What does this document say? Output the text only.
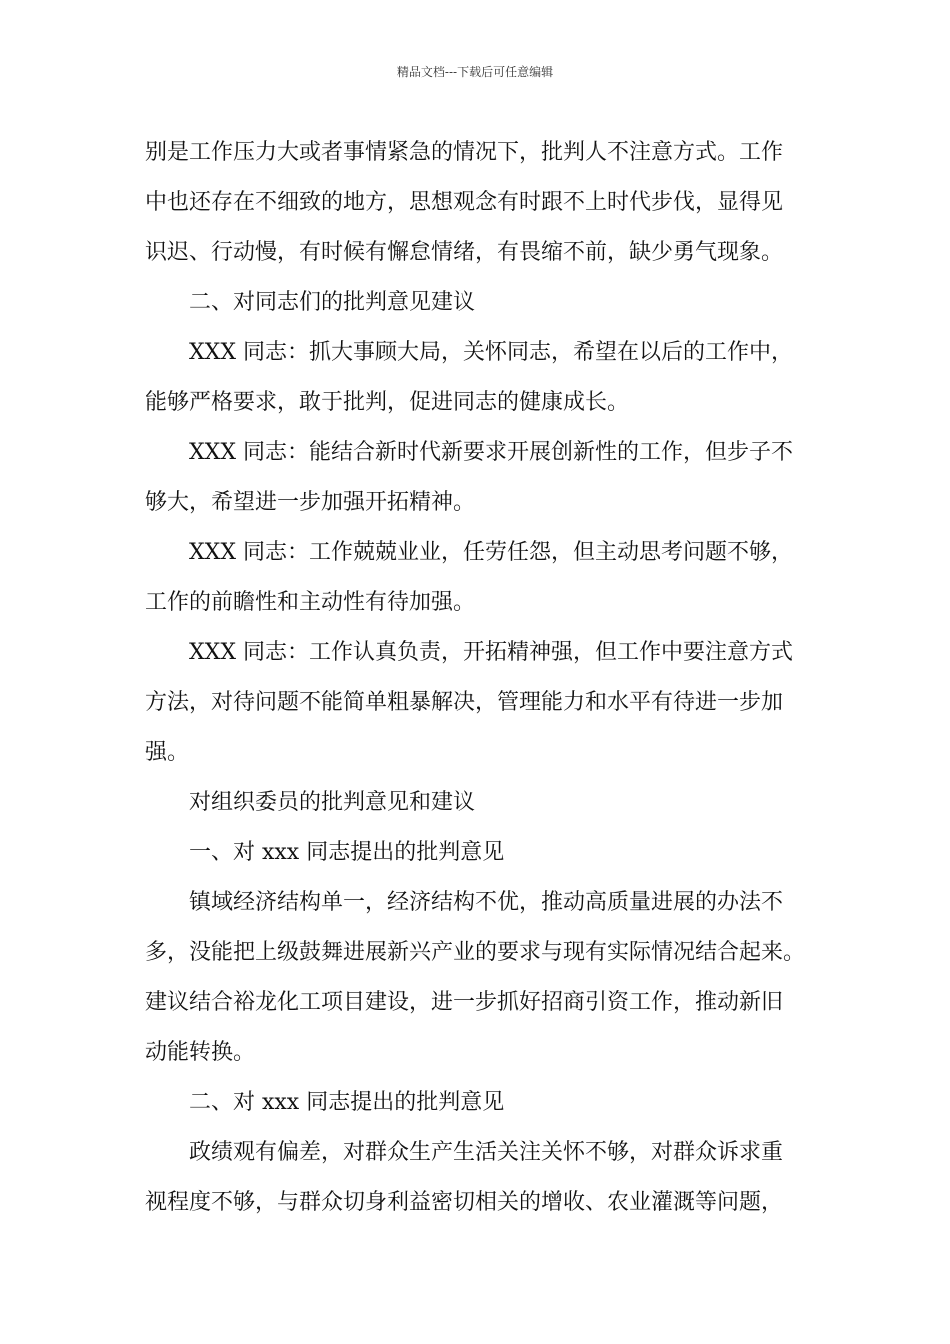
精品文档---下载后可任意编辑
别是工作压力大或者事情紧急的情况下，批判人不注意方式。工作
中也还存在不细致的地方，思想观念有时跟不上时代步伐，显得见
识迟、行动慢，有时候有懈怠情绪，有畏缩不前，缺少勇气现象。
二、对同志们的批判意见建议
XXX 同志：抓大事顾大局，关怀同志，希望在以后的工作中，
能够严格要求，敢于批判，促进同志的健康成长。
XXX 同志：能结合新时代新要求开展创新性的工作，但步子不
够大，希望进一步加强开拓精神。
XXX 同志：工作兢兢业业，任劳任怨，但主动思考问题不够，
工作的前瞻性和主动性有待加强。
XXX 同志：工作认真负责，开拓精神强，但工作中要注意方式
方法，对待问题不能简单粗暴解决，管理能力和水平有待进一步加
强。
对组织委员的批判意见和建议
一、对 xxx 同志提出的批判意见
镇域经济结构单一，经济结构不优，推动高质量进展的办法不
多，没能把上级鼓舞进展新兴产业的要求与现有实际情况结合起来。
建议结合裕龙化工项目建设，进一步抓好招商引资工作，推动新旧
动能转换。
二、对 xxx 同志提出的批判意见
政绩观有偏差，对群众生产生活关注关怀不够，对群众诉求重
视程度不够，与群众切身利益密切相关的增收、农业灌溉等问题，
